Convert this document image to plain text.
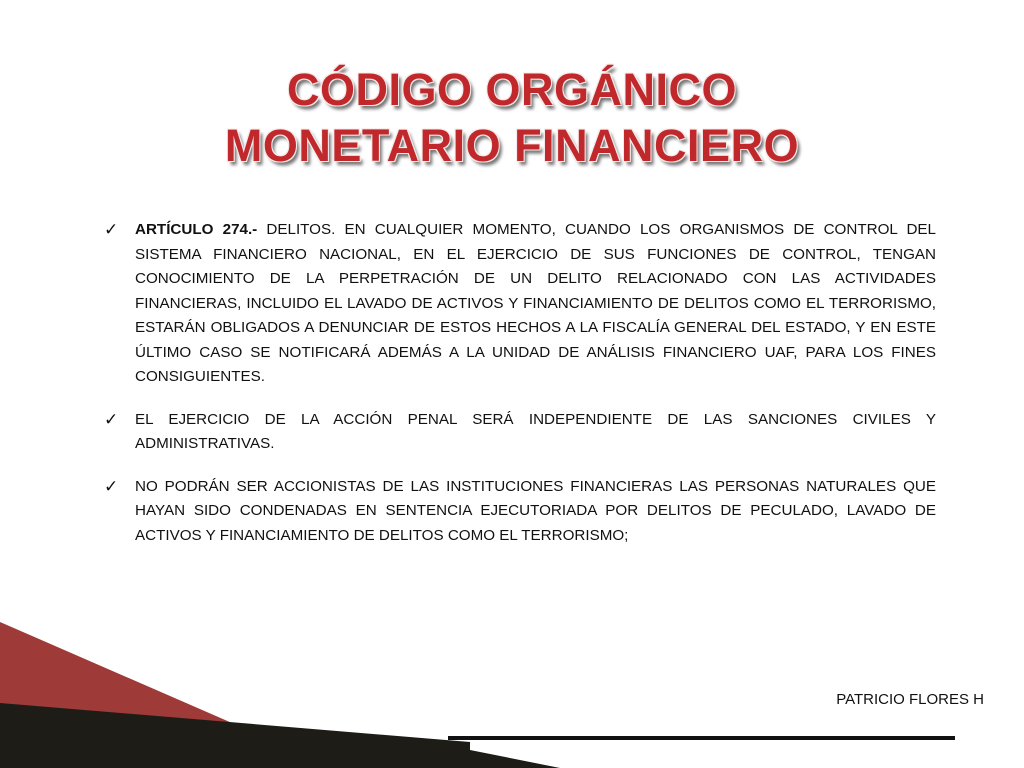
CÓDIGO ORGÁNICO
MONETARIO FINANCIERO
✓ ARTÍCULO 274.- DELITOS. EN CUALQUIER MOMENTO, CUANDO LOS ORGANISMOS DE CONTROL DEL SISTEMA FINANCIERO NACIONAL, EN EL EJERCICIO DE SUS FUNCIONES DE CONTROL, TENGAN CONOCIMIENTO DE LA PERPETRACIÓN DE UN DELITO RELACIONADO CON LAS ACTIVIDADES FINANCIERAS, INCLUIDO EL LAVADO DE ACTIVOS Y FINANCIAMIENTO DE DELITOS COMO EL TERRORISMO, ESTARÁN OBLIGADOS A DENUNCIAR DE ESTOS HECHOS A LA FISCALÍA GENERAL DEL ESTADO, Y EN ESTE ÚLTIMO CASO SE NOTIFICARÁ ADEMÁS A LA UNIDAD DE ANÁLISIS FINANCIERO UAF, PARA LOS FINES CONSIGUIENTES.
✓ EL EJERCICIO DE LA ACCIÓN PENAL SERÁ INDEPENDIENTE DE LAS SANCIONES CIVILES Y ADMINISTRATIVAS.
✓ NO PODRÁN SER ACCIONISTAS DE LAS INSTITUCIONES FINANCIERAS LAS PERSONAS NATURALES QUE HAYAN SIDO CONDENADAS EN SENTENCIA EJECUTORIADA POR DELITOS DE PECULADO, LAVADO DE ACTIVOS Y FINANCIAMIENTO DE DELITOS COMO EL TERRORISMO;
PATRICIO FLORES H
